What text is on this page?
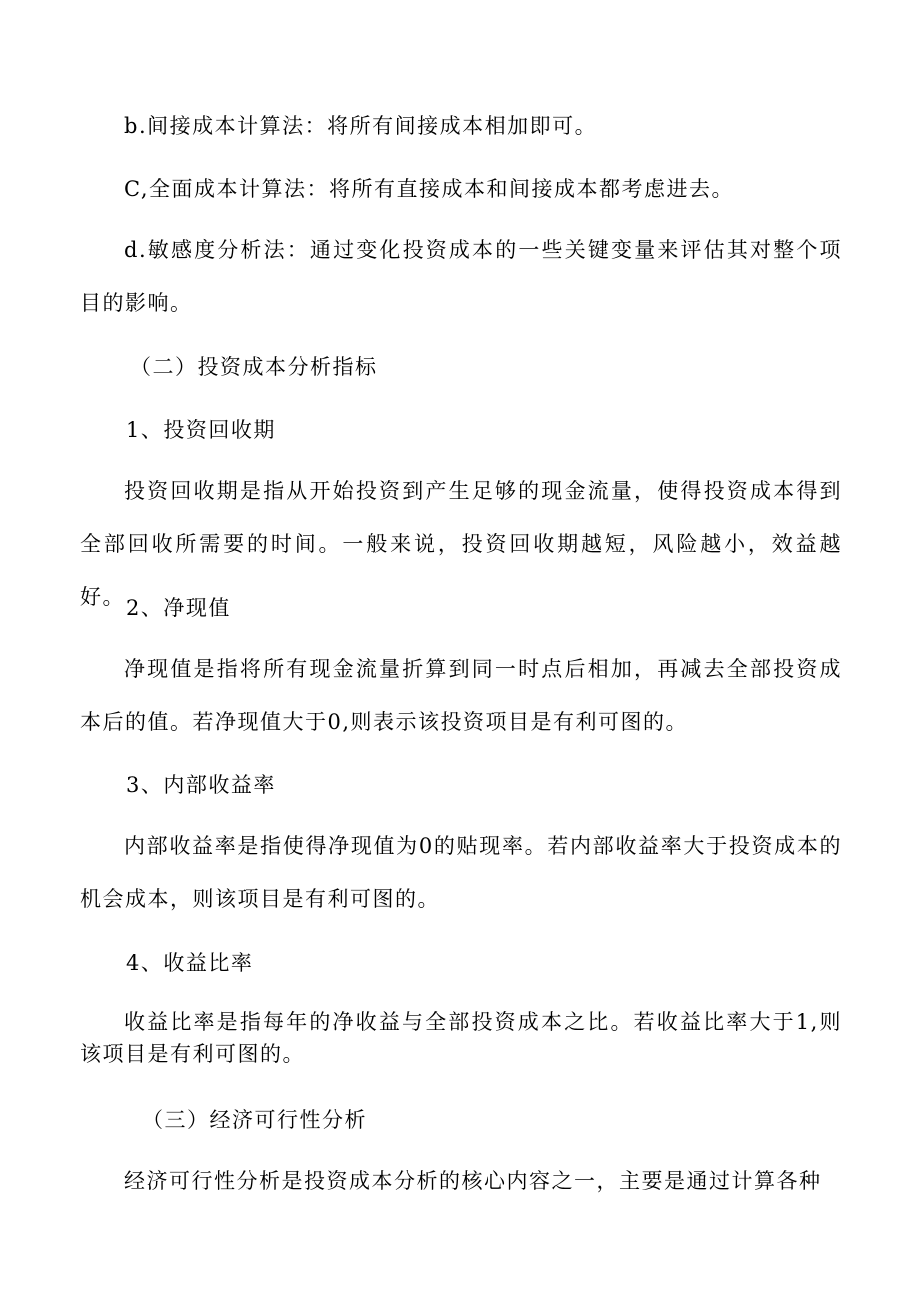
b.间接成本计算法：将所有间接成本相加即可。

C,全面成本计算法：将所有直接成本和间接成本都考虑进去。

d.敏感度分析法：通过变化投资成本的一些关键变量来评估其对整个项目的影响。

（二）投资成本分析指标

1、投资回收期

投资回收期是指从开始投资到产生足够的现金流量，使得投资成本得到全部回收所需要的时间。一般来说，投资回收期越短，风险越小，效益越好。 2、净现值

净现值是指将所有现金流量折算到同一时点后相加，再减去全部投资成本后的值。若净现值大于0,则表示该投资项目是有利可图的。

3、内部收益率

内部收益率是指使得净现值为0的贴现率。若内部收益率大于投资成本的机会成本，则该项目是有利可图的。

4、收益比率

收益比率是指每年的净收益与全部投资成本之比。若收益比率大于1,则该项目是有利可图的。

（三）经济可行性分析

经济可行性分析是投资成本分析的核心内容之一，主要是通过计算各种
